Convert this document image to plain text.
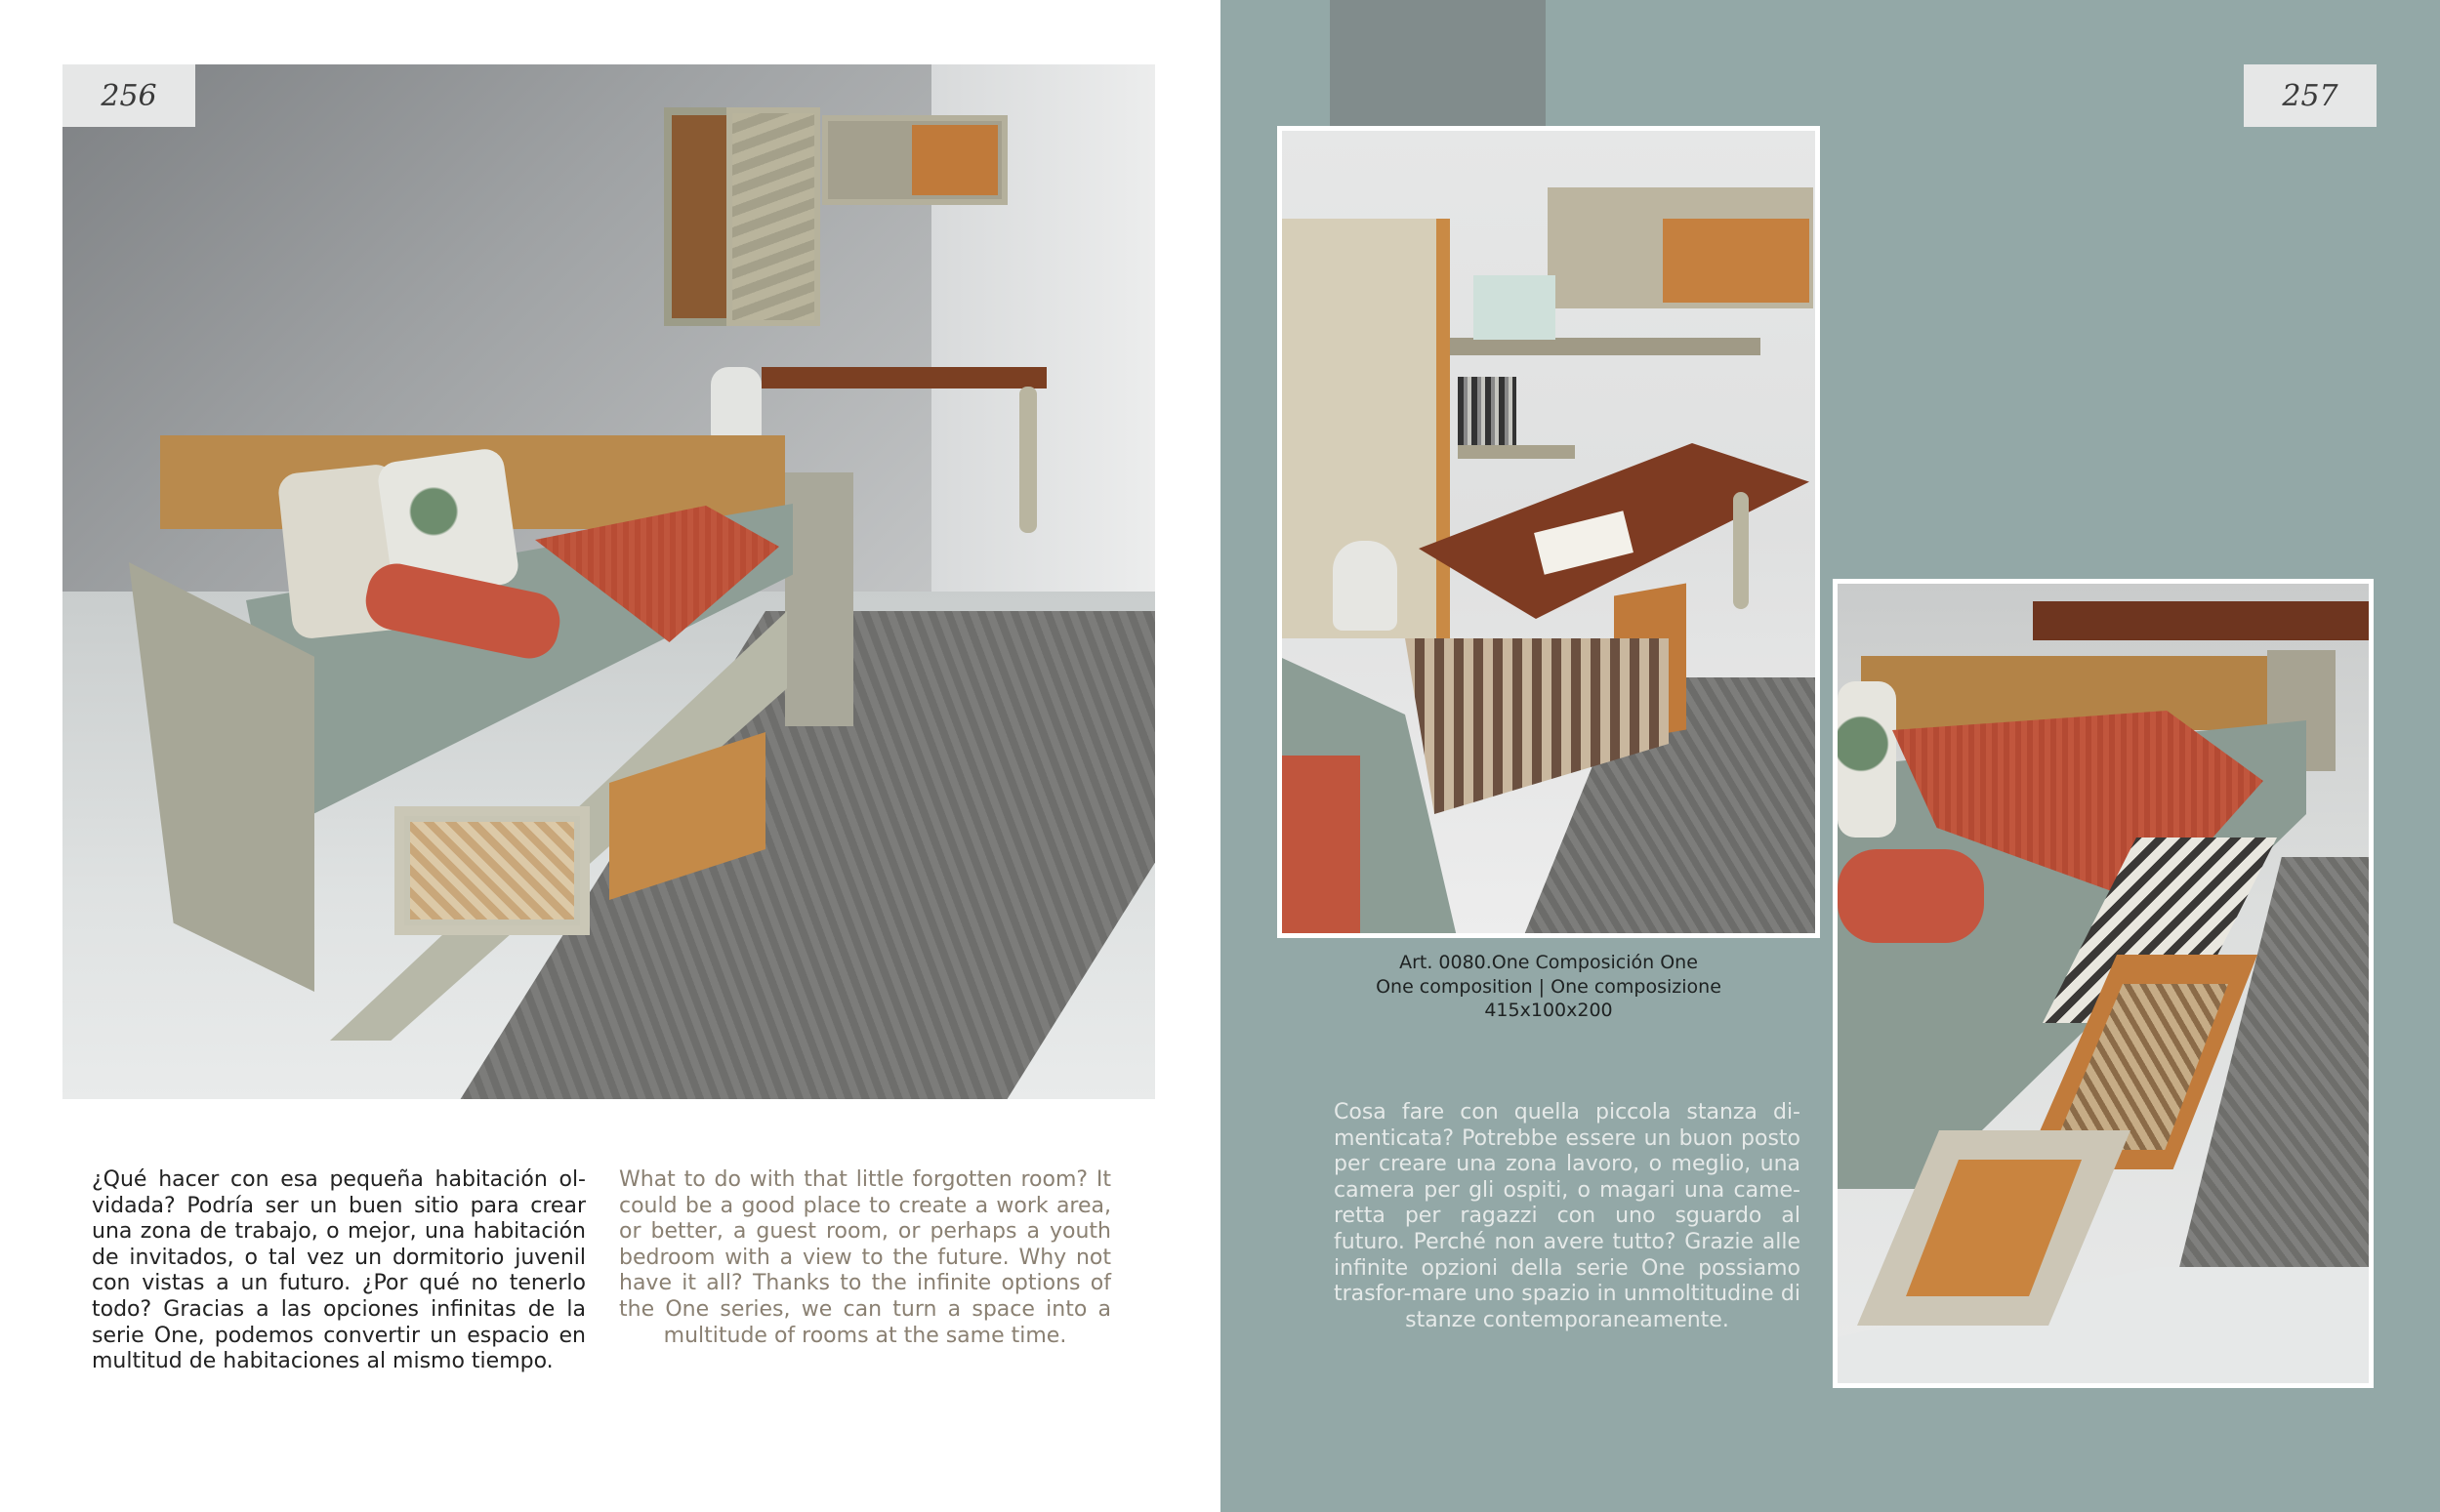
256

¿Qué hacer con esa pequeña habitación ol-vidada? Podría ser un buen sitio para crear una zona de trabajo, o mejor, una habitación de invitados, o tal vez un dormitorio juvenil con vistas a un futuro. ¿Por qué no tenerlo todo? Gracias a las opciones infinitas de la serie One, podemos convertir un espacio en multitud de habitaciones al mismo tiempo.

What to do with that little forgotten room? It could be a good place to create a work area, or better, a guest room, or perhaps a youth bedroom with a view to the future. Why not have it all? Thanks to the infinite options of the One series, we can turn a space into a multitude of rooms at the same time.

257
Art. 0080.One Composición One
One composition | One composizione
415x100x200

Cosa fare con quella piccola stanza di-menticata? Potrebbe essere un buon posto per creare una zona lavoro, o meglio, una camera per gli ospiti, o magari una came-retta per ragazzi con uno sguardo al futuro. Perché non avere tutto? Grazie alle infinite opzioni della serie One possiamo trasfor-mare uno spazio in unmoltitudine di stanze contemporaneamente.
